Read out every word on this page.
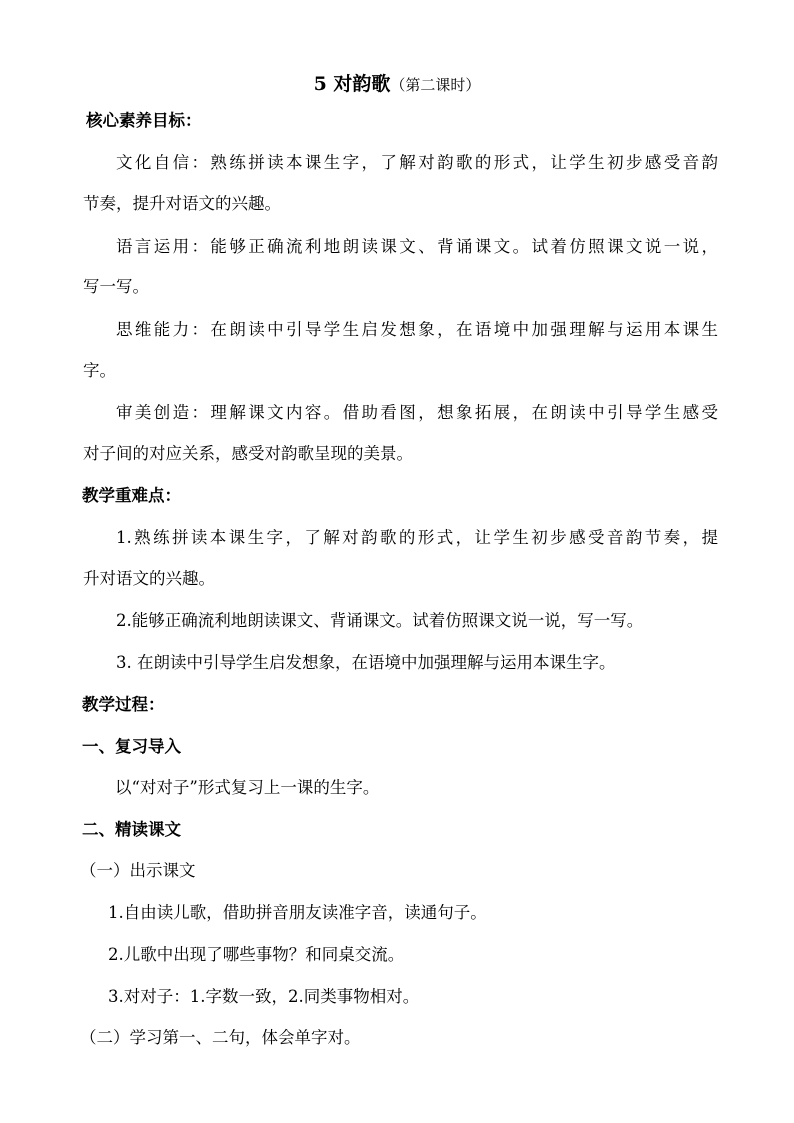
5 对韵歌（第二课时）
核心素养目标：
文化自信：熟练拼读本课生字，了解对韵歌的形式，让学生初步感受音韵
节奏，提升对语文的兴趣。
语言运用：能够正确流利地朗读课文、背诵课文。试着仿照课文说一说，
写一写。
思维能力：在朗读中引导学生启发想象，在语境中加强理解与运用本课生
字。
审美创造：理解课文内容。借助看图，想象拓展，在朗读中引导学生感受
对子间的对应关系，感受对韵歌呈现的美景。
教学重难点：
1.熟练拼读本课生字，了解对韵歌的形式，让学生初步感受音韵节奏，提
升对语文的兴趣。
2.能够正确流利地朗读课文、背诵课文。试着仿照课文说一说，写一写。
3. 在朗读中引导学生启发想象，在语境中加强理解与运用本课生字。
教学过程：
一、复习导入
以“对对子”形式复习上一课的生字。
二、精读课文
（一）出示课文
1.自由读儿歌，借助拼音朋友读准字音，读通句子。
2.儿歌中出现了哪些事物？和同桌交流。
3.对对子：1.字数一致，2.同类事物相对。
（二）学习第一、二句，体会单字对。
